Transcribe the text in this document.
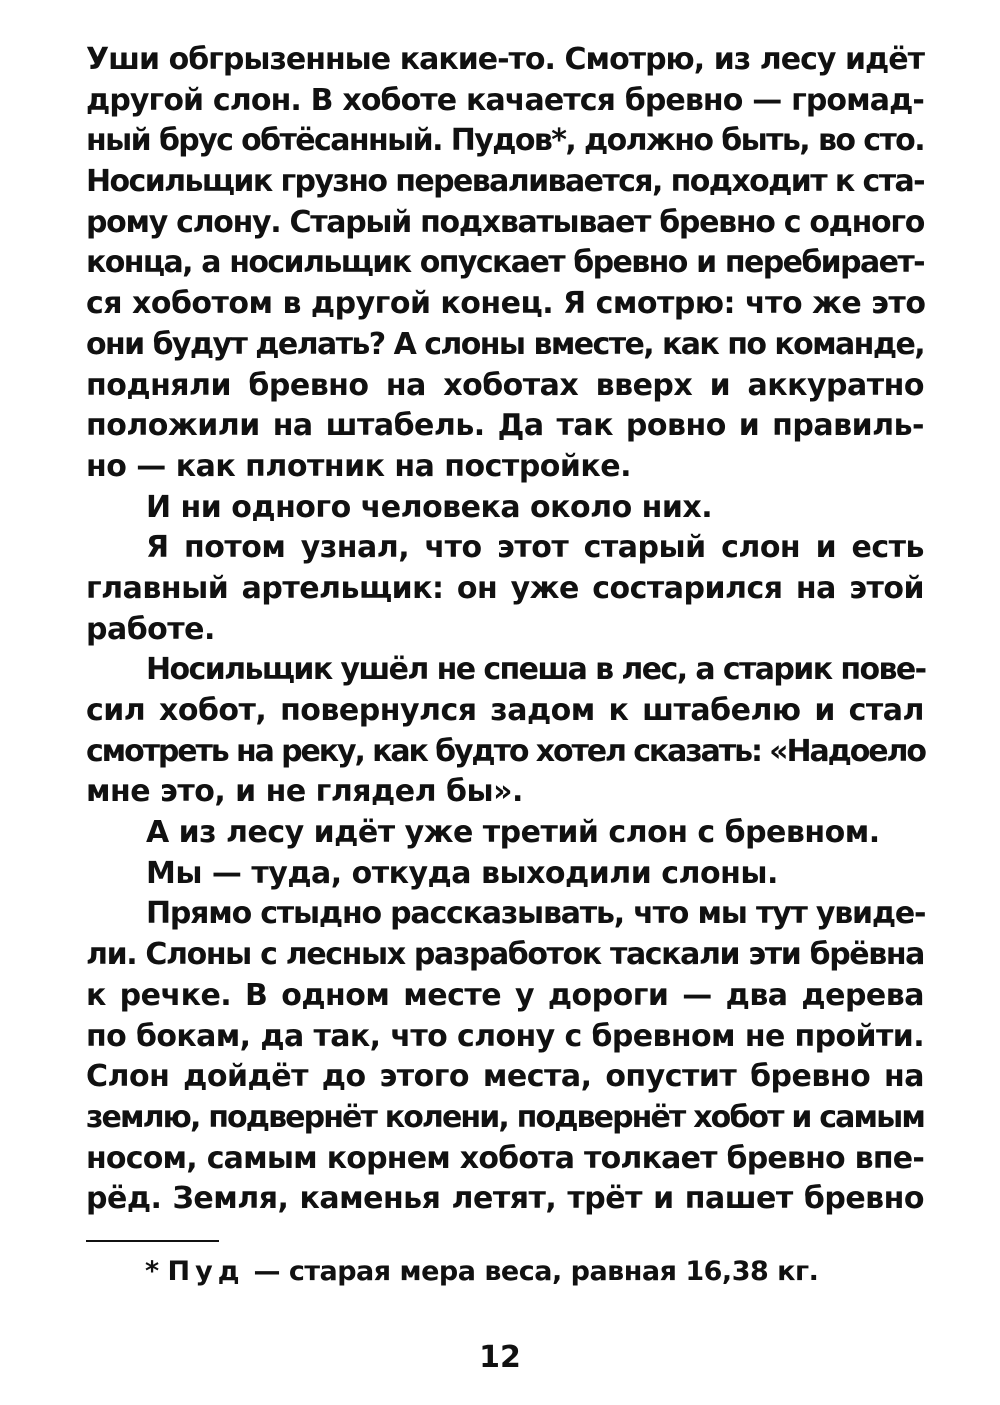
Уши обгрызенные какие-то. Смотрю, из лесу идёт
другой слон. В хоботе качается бревно — громад-
ный брус обтёсанный. Пудов*, должно быть, во сто.
Носильщик грузно переваливается, подходит к ста-
рому слону. Старый подхватывает бревно с одного
конца, а носильщик опускает бревно и перебирает-
ся хоботом в другой конец. Я смотрю: что же это
они будут делать? А слоны вместе, как по команде,
подняли бревно на хоботах вверх и аккуратно
положили на штабель. Да так ровно и правиль-
но — как плотник на постройке.
И ни одного человека около них.
Я потом узнал, что этот старый слон и есть
главный артельщик: он уже состарился на этой
работе.
Носильщик ушёл не спеша в лес, а старик пове-
сил хобот, повернулся задом к штабелю и стал
смотреть на реку, как будто хотел сказать: «Надоело
мне это, и не глядел бы».
А из лесу идёт уже третий слон с бревном.
Мы — туда, откуда выходили слоны.
Прямо стыдно рассказывать, что мы тут увиде-
ли. Слоны с лесных разработок таскали эти брёвна
к речке. В одном месте у дороги — два дерева
по бокам, да так, что слону с бревном не пройти.
Слон дойдёт до этого места, опустит бревно на
землю, подвернёт колени, подвернёт хобот и самым
носом, самым корнем хобота толкает бревно впе-
рёд. Земля, каменья летят, трёт и пашет бревно
* Пуд — старая мера веса, равная 16,38 кг.
12
